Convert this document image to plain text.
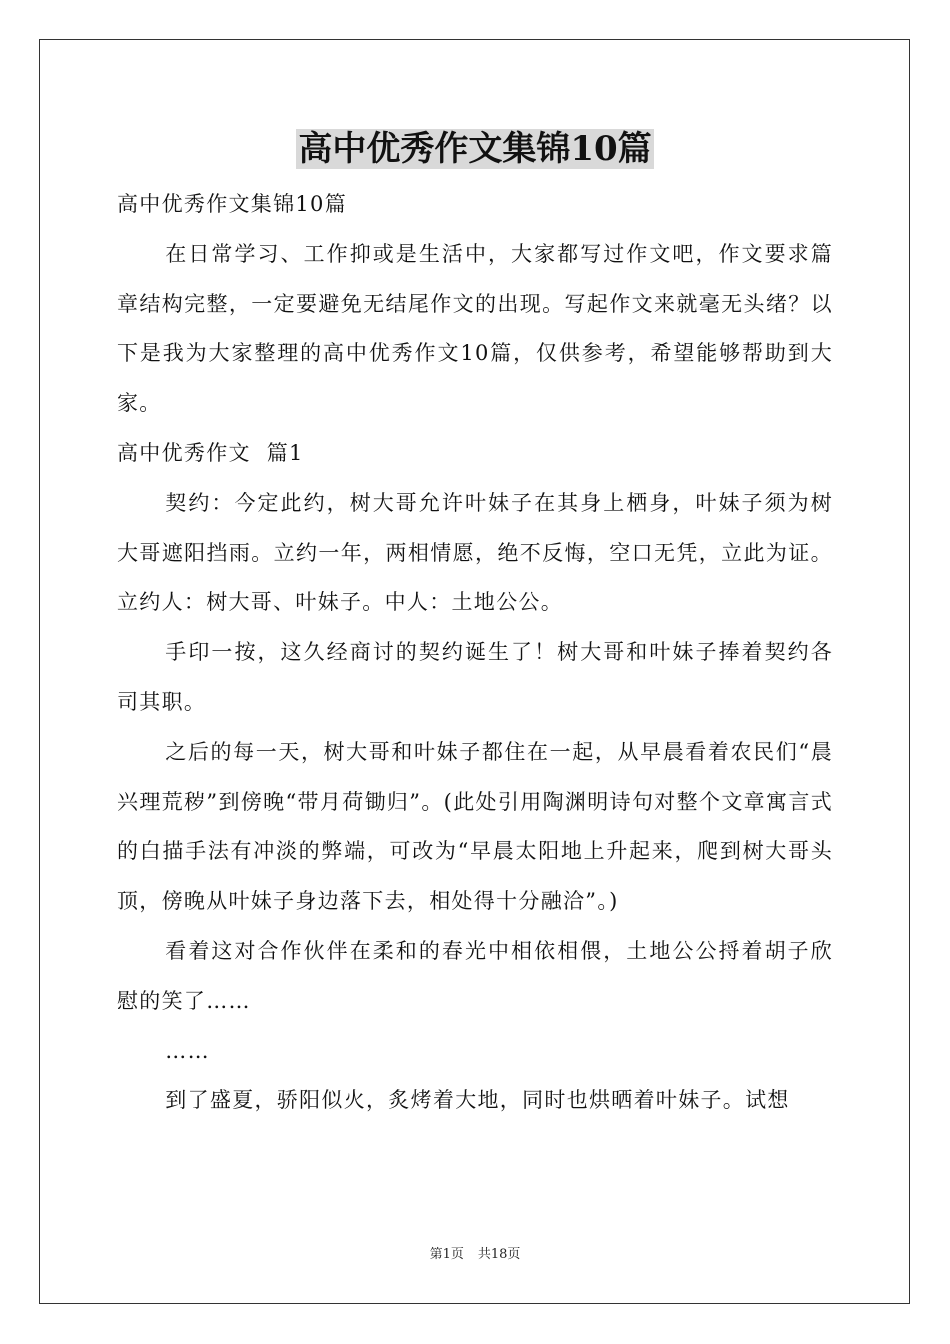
高中优秀作文集锦10篇

高中优秀作文集锦10篇

在日常学习、工作抑或是生活中，大家都写过作文吧，作文要求篇章结构完整，一定要避免无结尾作文的出现。写起作文来就毫无头绪？以下是我为大家整理的高中优秀作文10篇，仅供参考，希望能够帮助到大家。

高中优秀作文  篇1

契约：今定此约，树大哥允许叶妹子在其身上栖身，叶妹子须为树大哥遮阳挡雨。立约一年，两相情愿，绝不反悔，空口无凭，立此为证。立约人：树大哥、叶妹子。中人：土地公公。

手印一按，这久经商讨的契约诞生了！树大哥和叶妹子捧着契约各司其职。

之后的每一天，树大哥和叶妹子都住在一起，从早晨看着农民们“晨兴理荒秽”到傍晚“带月荷锄归”。(此处引用陶渊明诗句对整个文章寓言式的白描手法有冲淡的弊端，可改为“早晨太阳地上升起来，爬到树大哥头顶，傍晚从叶妹子身边落下去，相处得十分融洽”。)

看着这对合作伙伴在柔和的春光中相依相偎，土地公公捋着胡子欣慰的笑了……

……

到了盛夏，骄阳似火，炙烤着大地，同时也烘晒着叶妹子。试想

第1页 共18页
